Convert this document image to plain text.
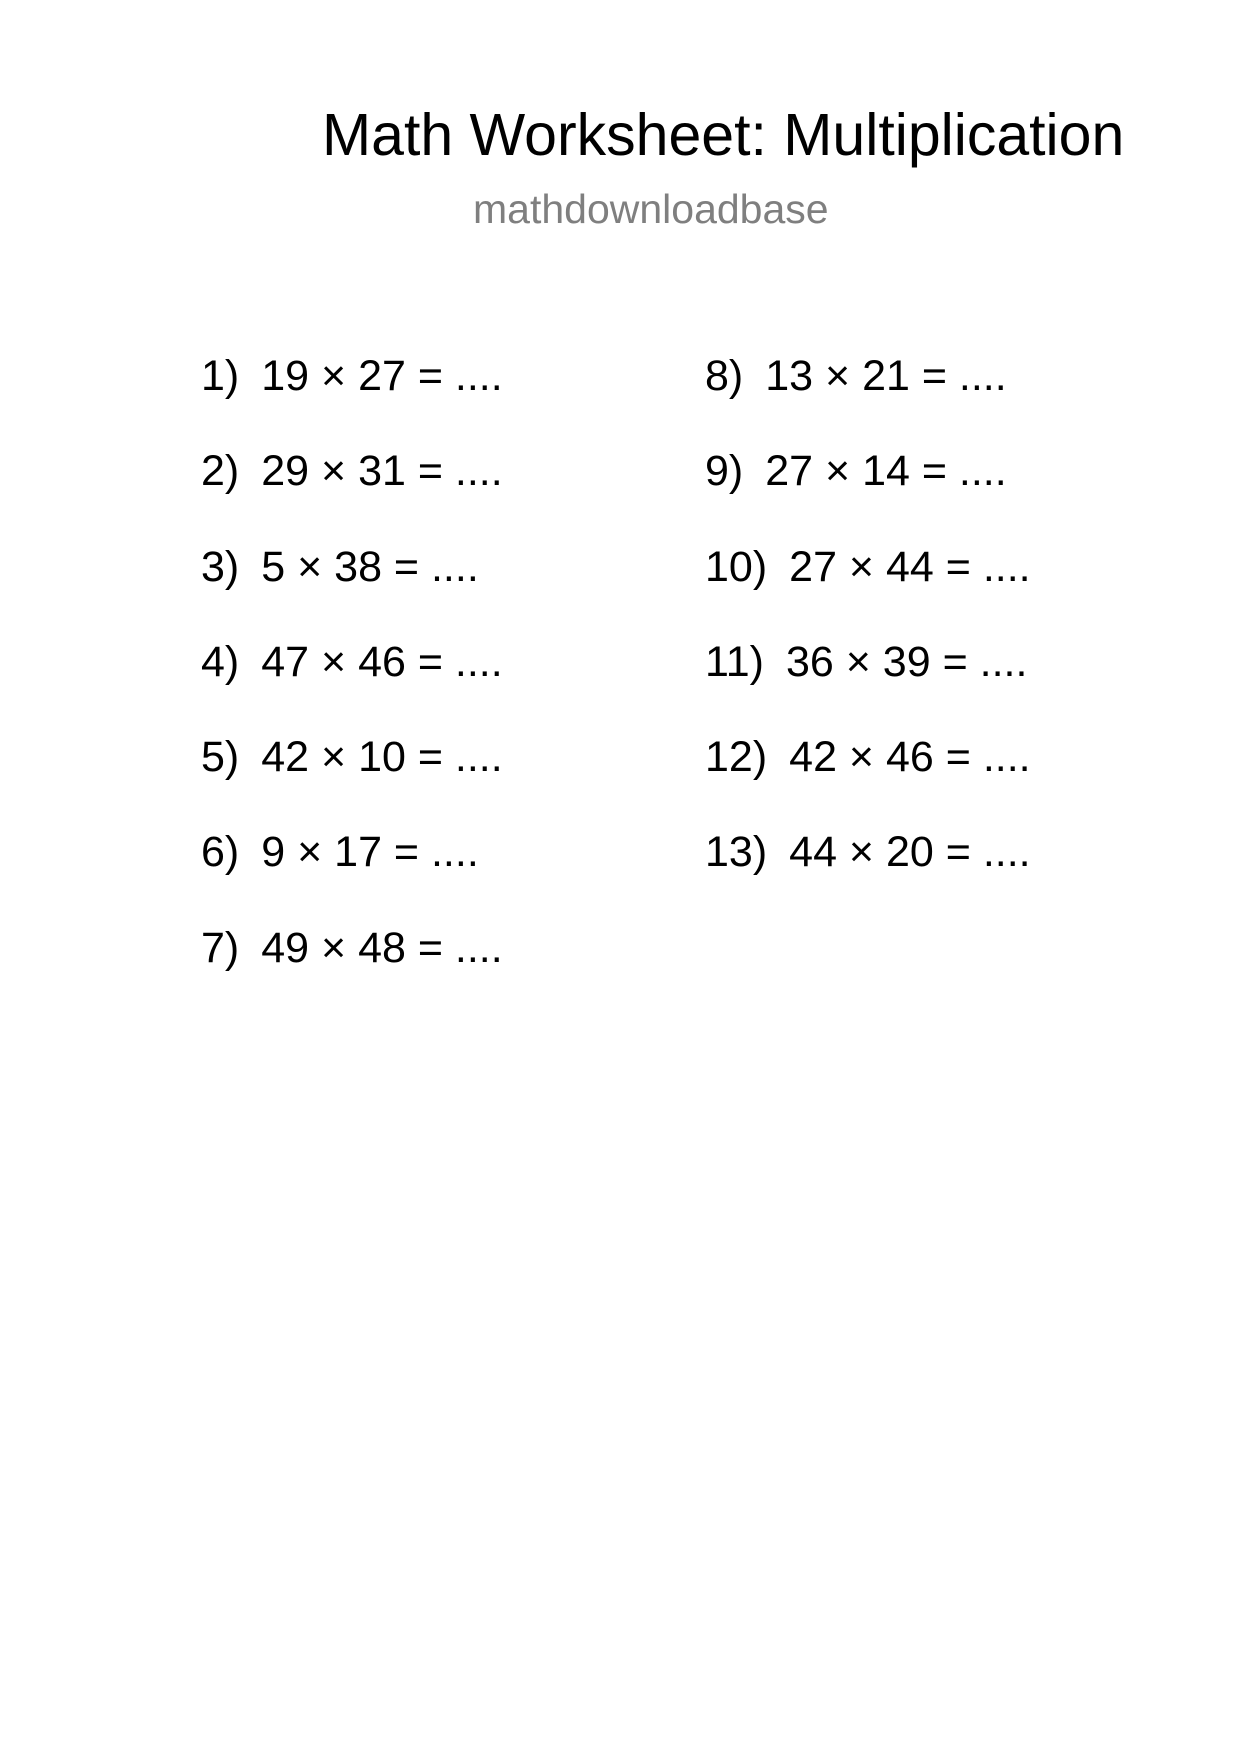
Math Worksheet: Multiplication
mathdownloadbase
1) 19 × 27 = ....
2) 29 × 31 = ....
3) 5 × 38 = ....
4) 47 × 46 = ....
5) 42 × 10 = ....
6) 9 × 17 = ....
7) 49 × 48 = ....
8) 13 × 21 = ....
9) 27 × 14 = ....
10) 27 × 44 = ....
11) 36 × 39 = ....
12) 42 × 46 = ....
13) 44 × 20 = ....
